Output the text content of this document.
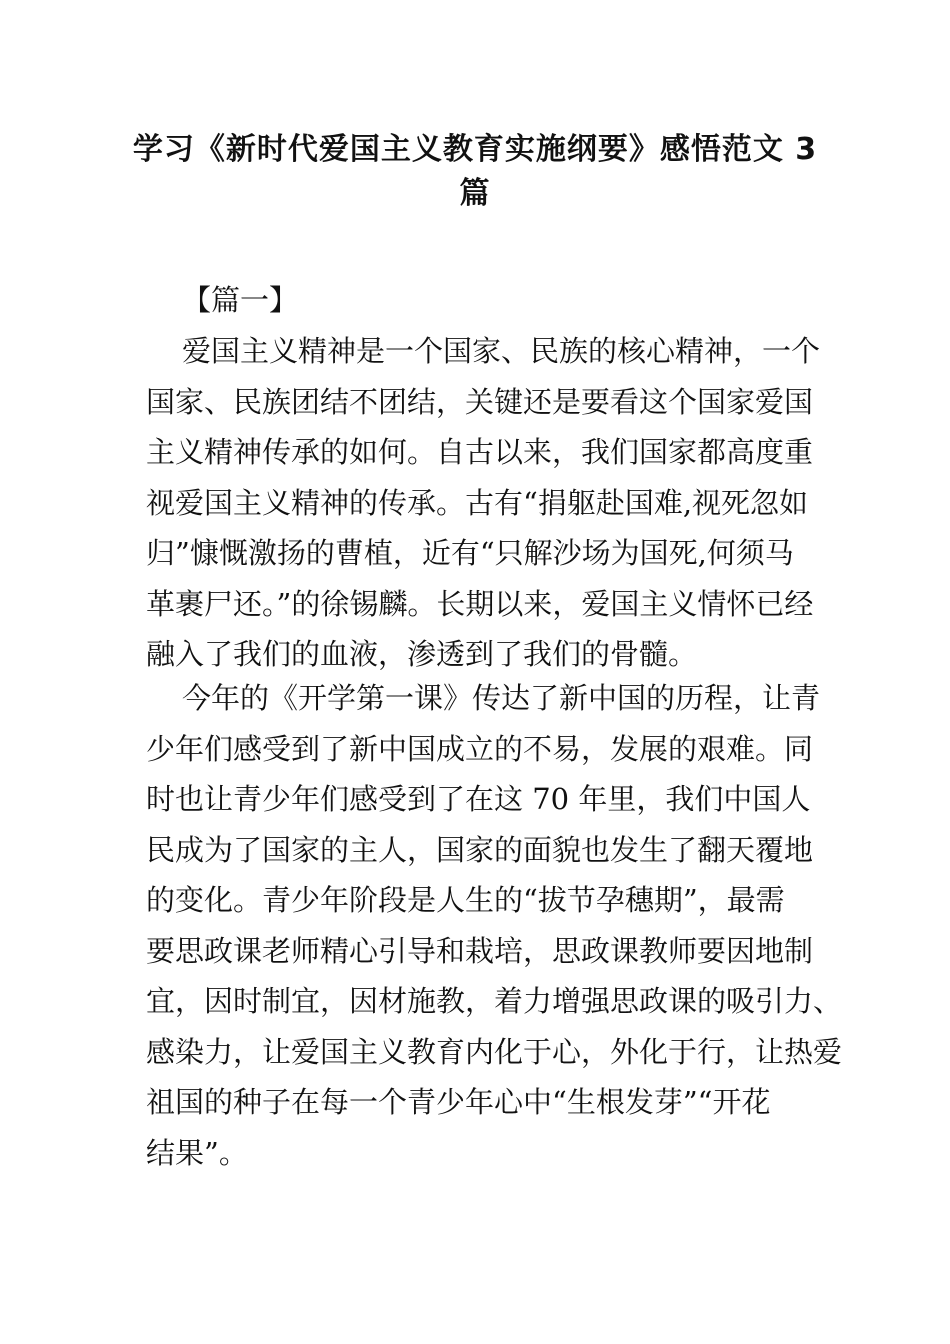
学习《新时代爱国主义教育实施纲要》感悟范文 3
篇

【篇一】

爱国主义精神是一个国家、民族的核心精神，一个
国家、民族团结不团结，关键还是要看这个国家爱国
主义精神传承的如何。自古以来，我们国家都高度重
视爱国主义精神的传承。古有“捐躯赴国难,视死忽如
归”慷慨激扬的曹植，近有“只解沙场为国死,何须马
革裹尸还。”的徐锡麟。长期以来，爱国主义情怀已经
融入了我们的血液，渗透到了我们的骨髓。

今年的《开学第一课》传达了新中国的历程，让青
少年们感受到了新中国成立的不易，发展的艰难。同
时也让青少年们感受到了在这 70 年里，我们中国人
民成为了国家的主人，国家的面貌也发生了翻天覆地
的变化。青少年阶段是人生的“拔节孕穗期”，最需
要思政课老师精心引导和栽培，思政课教师要因地制
宜，因时制宜，因材施教，着力增强思政课的吸引力、
感染力，让爱国主义教育内化于心，外化于行，让热爱
祖国的种子在每一个青少年心中“生根发芽”“开花
结果”。
